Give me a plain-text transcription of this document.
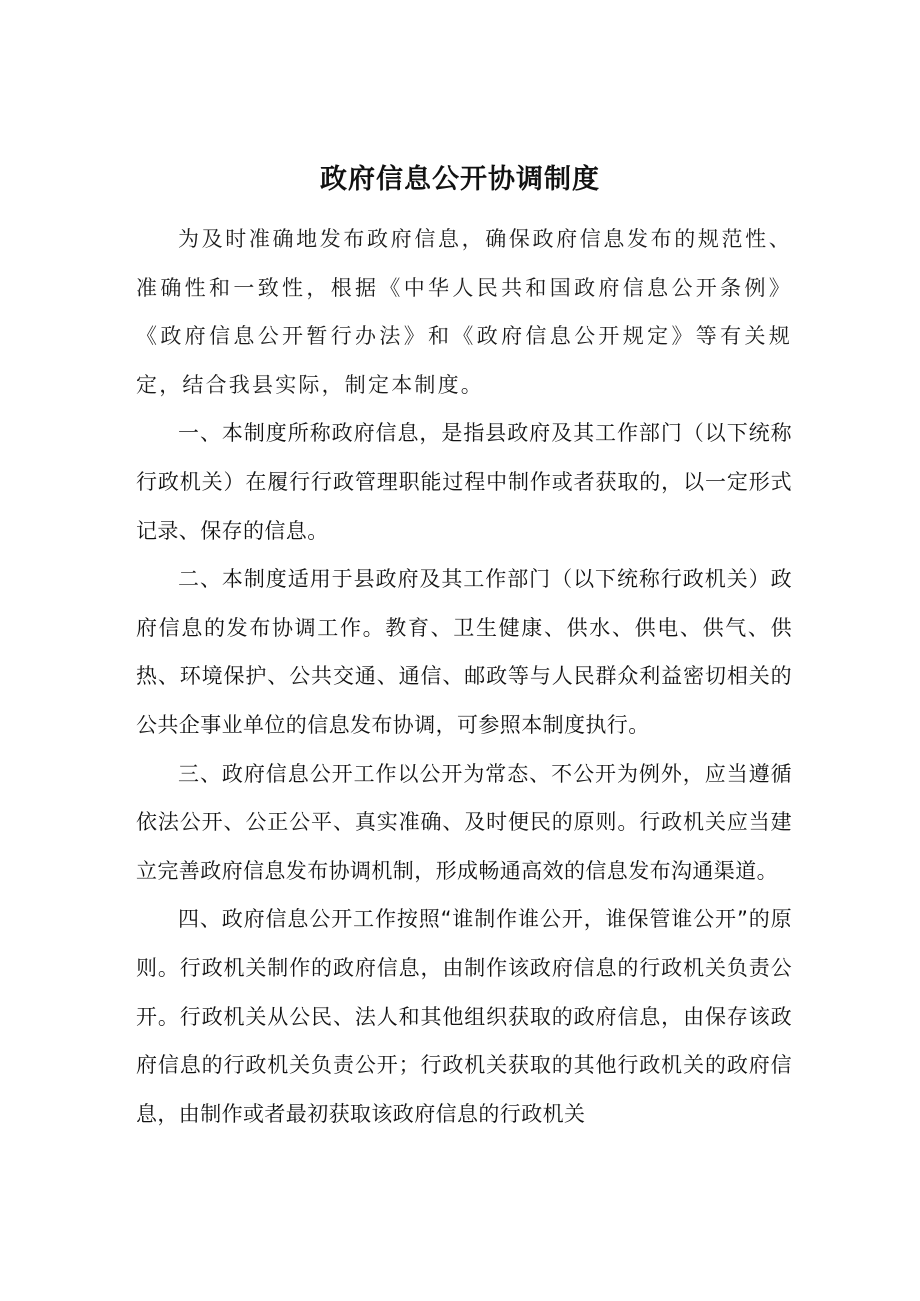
政府信息公开协调制度

为及时准确地发布政府信息，确保政府信息发布的规范性、准确性和一致性，根据《中华人民共和国政府信息公开条例》《政府信息公开暂行办法》和《政府信息公开规定》等有关规定，结合我县实际，制定本制度。

一、本制度所称政府信息，是指县政府及其工作部门（以下统称行政机关）在履行行政管理职能过程中制作或者获取的，以一定形式记录、保存的信息。

二、本制度适用于县政府及其工作部门（以下统称行政机关）政府信息的发布协调工作。教育、卫生健康、供水、供电、供气、供热、环境保护、公共交通、通信、邮政等与人民群众利益密切相关的公共企事业单位的信息发布协调，可参照本制度执行。

三、政府信息公开工作以公开为常态、不公开为例外，应当遵循依法公开、公正公平、真实准确、及时便民的原则。行政机关应当建立完善政府信息发布协调机制，形成畅通高效的信息发布沟通渠道。

四、政府信息公开工作按照“谁制作谁公开，谁保管谁公开”的原则。行政机关制作的政府信息，由制作该政府信息的行政机关负责公开。行政机关从公民、法人和其他组织获取的政府信息，由保存该政府信息的行政机关负责公开；行政机关获取的其他行政机关的政府信息，由制作或者最初获取该政府信息的行政机关
